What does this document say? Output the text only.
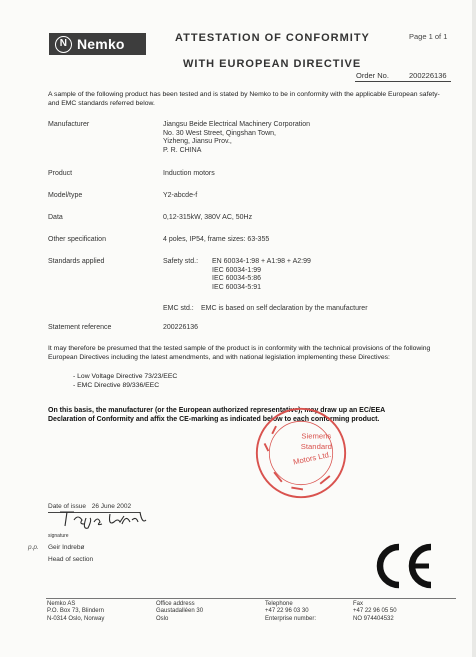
N Nemko	ATTESTATION OF CONFORMITY
WITH EUROPEAN DIRECTIVE
Page 1 of 1
Order No.	200226136
A sample of the following product has been tested and is stated by Nemko to be in conformity with the applicable European safety- and EMC standards referred below.
Manufacturer	Jiangsu Beide Electrical Machinery Corporation
No. 30 West Street, Qingshan Town,
Yizheng, Jiansu Prov.,
P. R. CHINA
Product	Induction motors
Model/type	Y2-abcde-f
Data	0,12-315kW, 380V AC, 50Hz
Other specification	4 poles, IP54, frame sizes: 63-355
Standards applied	Safety std.: EN 60034-1:98 + A1:98 + A2:99
IEC 60034-1:99
IEC 60034-5:86
IEC 60034-5:91
EMC std.: EMC is based on self declaration by the manufacturer
Statement reference	200226136
It may therefore be presumed that the tested sample of the product is in conformity with the technical provisions of the following European Directives including the latest amendments, and with national legislation implementing these Directives:
- Low Voltage Directive 73/23/EEC
- EMC Directive 89/336/EEC
On this basis, the manufacturer (or the European authorized representative), may draw up an EC/EEA Declaration of Conformity and affix the CE-marking as indicated below to each conforming product.
Siemens
Standard
Motors Ltd.
Date of issue 26 June 2002
signature
p.p. Geir Indrebø
Head of section
Nemko AS
P.O. Box 73, Blindern
N-0314 Oslo, Norway
Office address
Gaustadalléen 30
Oslo
Telephone
+47 22 96 03 30
Enterprise number:
Fax
+47 22 96 05 50
NO 974404532
